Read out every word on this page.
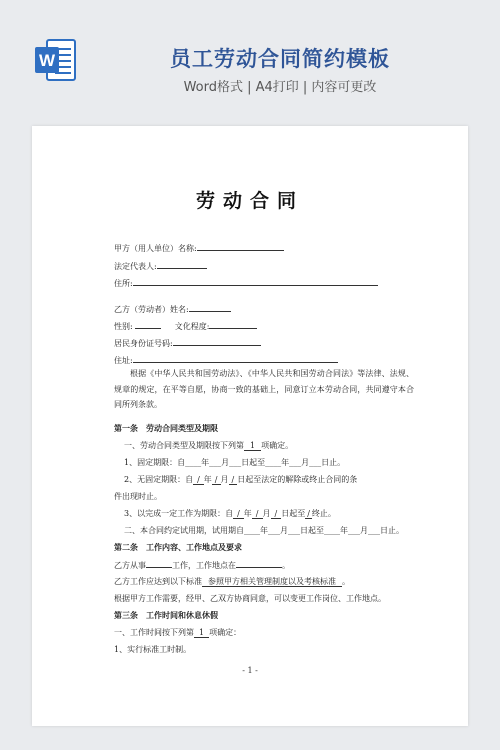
W	员工劳动合同简约模板
Word格式 | A4打印 | 内容可更改
劳动合同
甲方（用人单位）名称:
法定代表人:
住所:
乙方（劳动者）姓名:
性别:	文化程度:
居民身份证号码:
住址:
根据《中华人民共和国劳动法》、《中华人民共和国劳动合同法》等法律、法规、规章的规定，在平等自愿，协商一致的基础上，同意订立本劳动合同，共同遵守本合同所列条款。
第一条　劳动合同类型及期限
一、劳动合同类型及期限按下列第 1 项确定。
1、固定期限：自____年___月___日起至____年___月___日止。
2、无固定期限：自 / 年 / 月 / 日起至法定的解除或终止合同的条
件出现时止。
3、以完成一定工作为期限：自 / 年 / 月 / 日起至 / 终止。
二、本合同约定试用期，试用期自____年___月___日起至____年___月___日止。
第二条　工作内容、工作地点及要求
乙方从事	工作，工作地点在	。
乙方工作应达到以下标准 参照甲方相关管理制度以及考核标准 。
根据甲方工作需要，经甲、乙双方协商同意，可以变更工作岗位、工作地点。
第三条　工作时间和休息休假
一、工作时间按下列第 1 项确定：
1、实行标准工时制。
- 1 -
